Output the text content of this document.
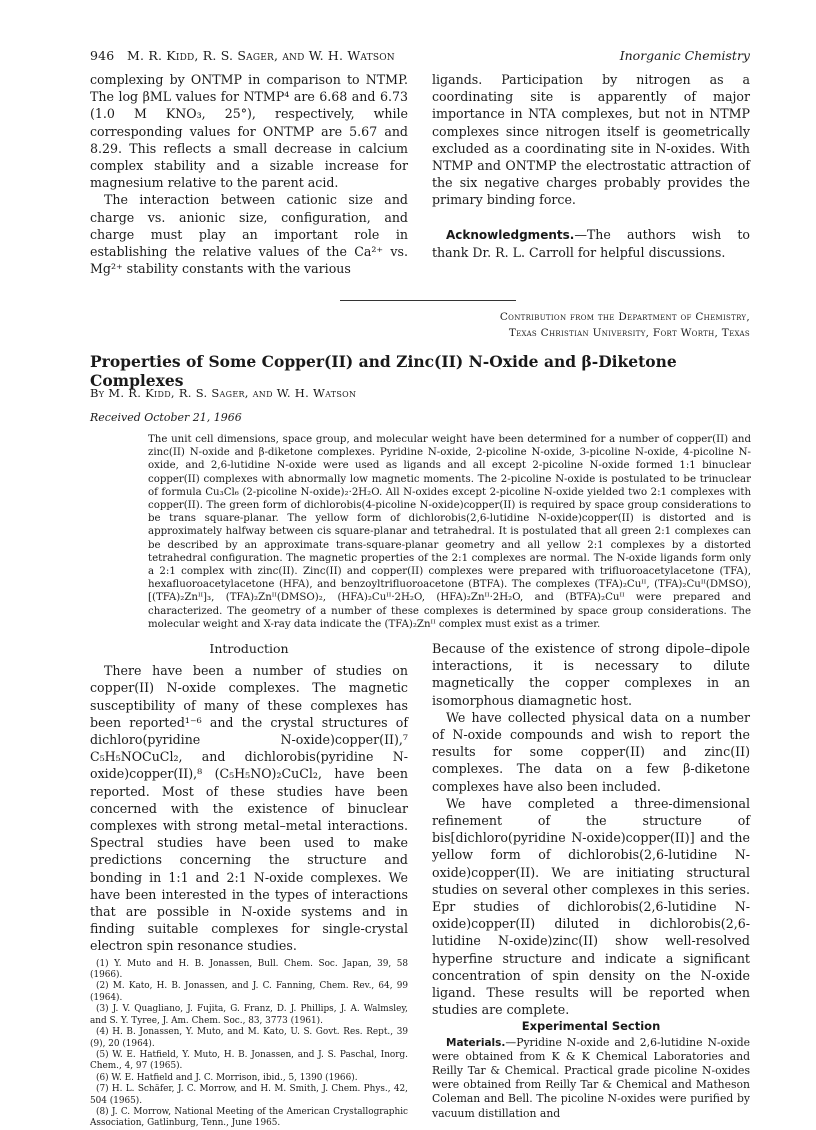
946 M. R. Kidd, R. S. Sager, and W. H. Watson	Inorganic Chemistry

complexing by ONTMP in comparison to NTMP. The log βML values for NTMP⁴ are 6.68 and 6.73 (1.0 M KNO₃, 25°), respectively, while corresponding values for ONTMP are 5.67 and 8.29. This reflects a small decrease in calcium complex stability and a sizable increase for magnesium relative to the parent acid.

The interaction between cationic size and charge vs. anionic size, configuration, and charge must play an important role in establishing the relative values of the Ca²⁺ vs. Mg²⁺ stability constants with the various

ligands. Participation by nitrogen as a coordinating site is apparently of major importance in NTA complexes, but not in NTMP complexes since nitrogen itself is geometrically excluded as a coordinating site in N-oxides. With NTMP and ONTMP the electrostatic attraction of the six negative charges probably provides the primary binding force.

Acknowledgments.—The authors wish to thank Dr. R. L. Carroll for helpful discussions.

Contribution from the Department of Chemistry,
Texas Christian University, Fort Worth, Texas
Properties of Some Copper(II) and Zinc(II) N-Oxide and β-Diketone Complexes
By M. R. Kidd, R. S. Sager, and W. H. Watson
Received October 21, 1966
The unit cell dimensions, space group, and molecular weight have been determined for a number of copper(II) and zinc(II) N-oxide and β-diketone complexes. Pyridine N-oxide, 2-picoline N-oxide, 3-picoline N-oxide, 4-picoline N-oxide, and 2,6-lutidine N-oxide were used as ligands and all except 2-picoline N-oxide formed 1:1 binuclear copper(II) complexes with abnormally low magnetic moments. The 2-picoline N-oxide is postulated to be trinuclear of formula Cu₃Cl₆ (2-picoline N-oxide)₂·2H₂O. All N-oxides except 2-picoline N-oxide yielded two 2:1 complexes with copper(II). The green form of dichlorobis(4-picoline N-oxide)copper(II) is required by space group considerations to be trans square-planar. The yellow form of dichlorobis(2,6-lutidine N-oxide)copper(II) is distorted and is approximately halfway between cis square-planar and tetrahedral. It is postulated that all green 2:1 complexes can be described by an approximate trans-square-planar geometry and all yellow 2:1 complexes by a distorted tetrahedral configuration. The magnetic properties of the 2:1 complexes are normal. The N-oxide ligands form only a 2:1 complex with zinc(II). Zinc(II) and copper(II) complexes were prepared with trifluoroacetylacetone (TFA), hexafluoroacetylacetone (HFA), and benzoyltrifluoroacetone (BTFA). The complexes (TFA)₂Cuᴵᴵ, (TFA)₂Cuᴵᴵ(DMSO), [(TFA)₂Znᴵᴵ]₃, (TFA)₂Znᴵᴵ(DMSO)₂, (HFA)₂Cuᴵᴵ·2H₂O, (HFA)₂Znᴵᴵ·2H₂O, and (BTFA)₂Cuᴵᴵ were prepared and characterized. The geometry of a number of these complexes is determined by space group considerations. The molecular weight and X-ray data indicate the (TFA)₂Znᴵᴵ complex must exist as a trimer.

Introduction

There have been a number of studies on copper(II) N-oxide complexes. The magnetic susceptibility of many of these complexes has been reported¹⁻⁶ and the crystal structures of dichloro(pyridine N-oxide)copper(II),⁷ C₅H₅NOCuCl₂, and dichlorobis(pyridine N-oxide)copper(II),⁸ (C₅H₅NO)₂CuCl₂, have been reported. Most of these studies have been concerned with the existence of binuclear complexes with strong metal–metal interactions. Spectral studies have been used to make predictions concerning the structure and bonding in 1:1 and 2:1 N-oxide complexes. We have been interested in the types of interactions that are possible in N-oxide systems and in finding suitable complexes for single-crystal electron spin resonance studies.

(1) Y. Muto and H. B. Jonassen, Bull. Chem. Soc. Japan, 39, 58 (1966).

(2) M. Kato, H. B. Jonassen, and J. C. Fanning, Chem. Rev., 64, 99 (1964).

(3) J. V. Quagliano, J. Fujita, G. Franz, D. J. Phillips, J. A. Walmsley, and S. Y. Tyree, J. Am. Chem. Soc., 83, 3773 (1961).

(4) H. B. Jonassen, Y. Muto, and M. Kato, U. S. Govt. Res. Rept., 39 (9), 20 (1964).

(5) W. E. Hatfield, Y. Muto, H. B. Jonassen, and J. S. Paschal, Inorg. Chem., 4, 97 (1965).

(6) W. E. Hatfield and J. C. Morrison, ibid., 5, 1390 (1966).

(7) H. L. Schäfer, J. C. Morrow, and H. M. Smith, J. Chem. Phys., 42, 504 (1965).

(8) J. C. Morrow, National Meeting of the American Crystallographic Association, Gatlinburg, Tenn., June 1965.

Because of the existence of strong dipole–dipole interactions, it is necessary to dilute magnetically the copper complexes in an isomorphous diamagnetic host.

We have collected physical data on a number of N-oxide compounds and wish to report the results for some copper(II) and zinc(II) complexes. The data on a few β-diketone complexes have also been included.

We have completed a three-dimensional refinement of the structure of bis[dichloro(pyridine N-oxide)copper(II)] and the yellow form of dichlorobis(2,6-lutidine N-oxide)copper(II). We are initiating structural studies on several other complexes in this series. Epr studies of dichlorobis(2,6-lutidine N-oxide)copper(II) diluted in dichlorobis(2,6-lutidine N-oxide)zinc(II) show well-resolved hyperfine structure and indicate a significant concentration of spin density on the N-oxide ligand. These results will be reported when studies are complete.

Experimental Section

Materials.—Pyridine N-oxide and 2,6-lutidine N-oxide were obtained from K & K Chemical Laboratories and Reilly Tar & Chemical. Practical grade picoline N-oxides were obtained from Reilly Tar & Chemical and Matheson Coleman and Bell. The picoline N-oxides were purified by vacuum distillation and
